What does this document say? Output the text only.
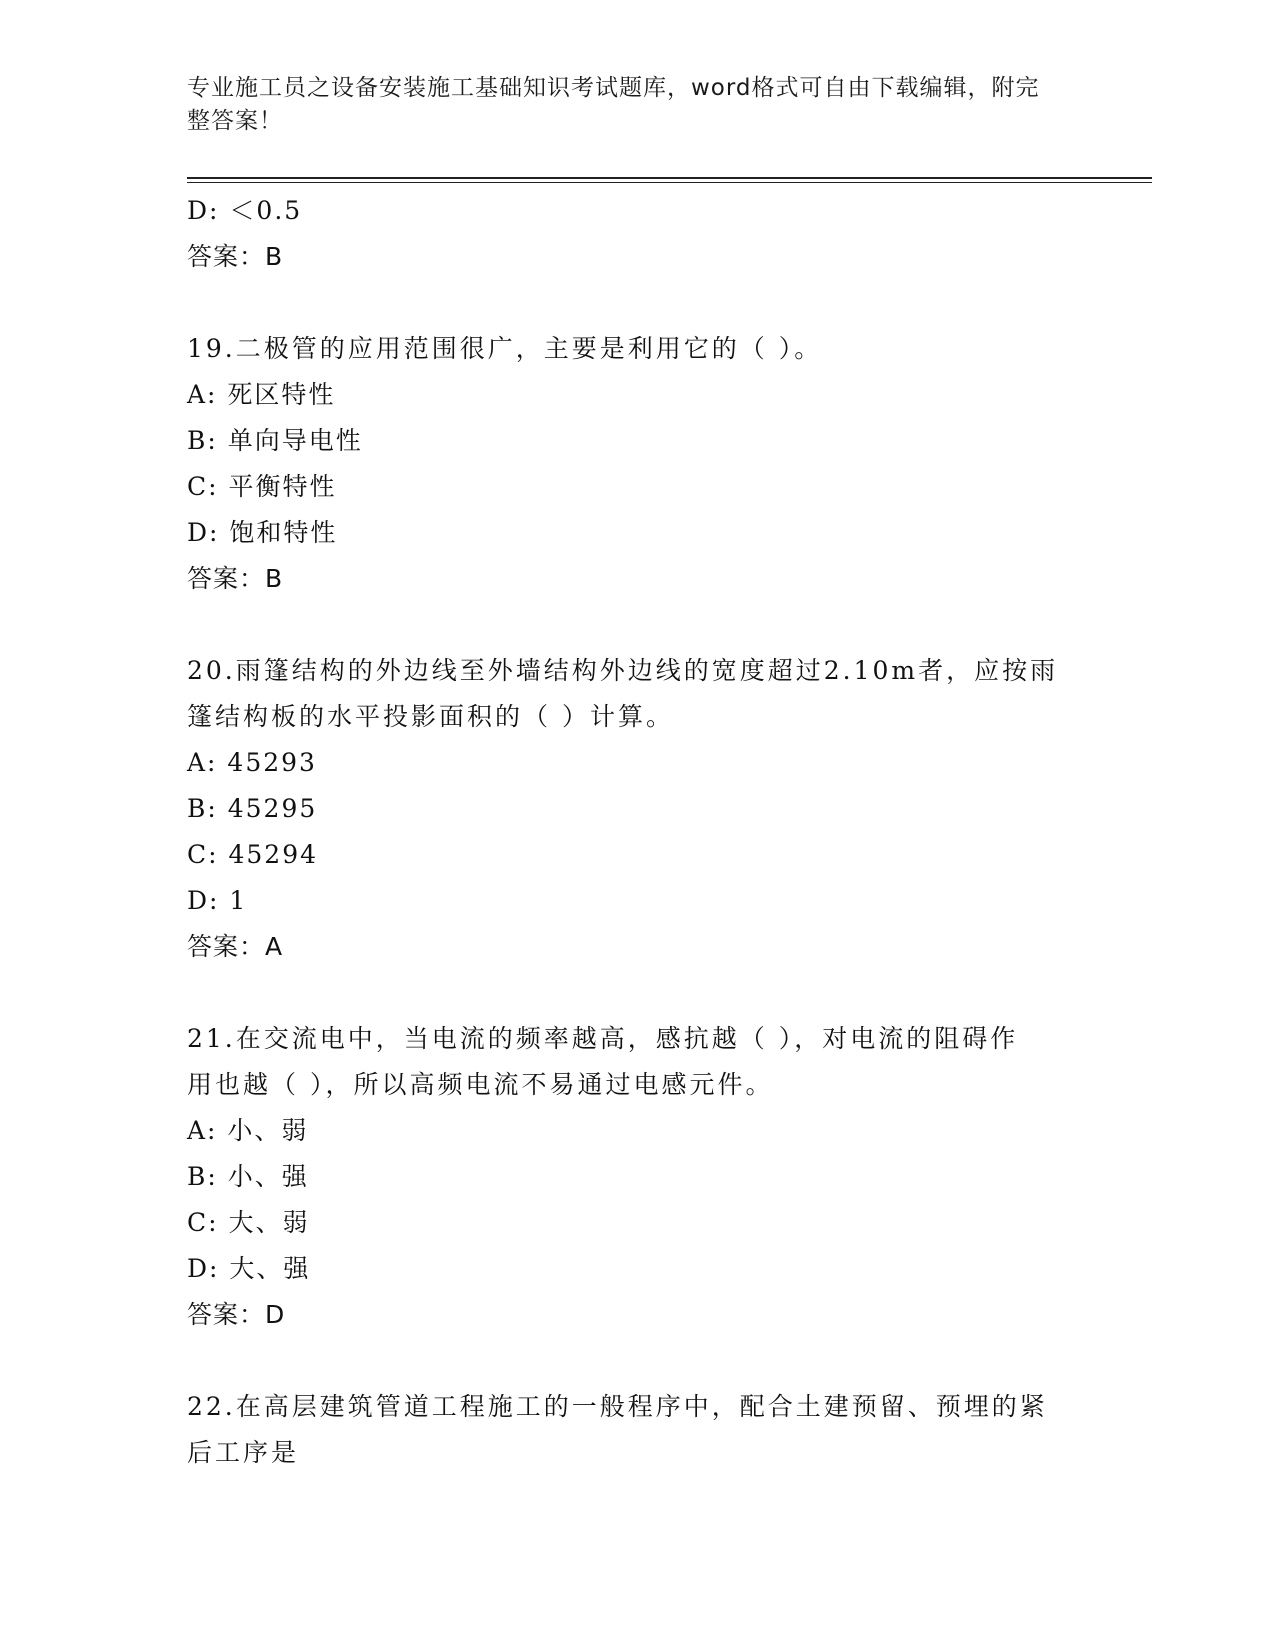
专业施工员之设备安装施工基础知识考试题库，word格式可自由下载编辑，附完
整答案！
D: ＜0.5
答案：B
19.二极管的应用范围很广，主要是利用它的（ ）。
A: 死区特性
B: 单向导电性
C: 平衡特性
D: 饱和特性
答案：B
20.雨篷结构的外边线至外墙结构外边线的宽度超过2.10m者，应按雨
篷结构板的水平投影面积的（ ）计算。
A: 45293
B: 45295
C: 45294
D: 1
答案：A
21.在交流电中，当电流的频率越高，感抗越（ ），对电流的阻碍作
用也越（ ），所以高频电流不易通过电感元件。
A: 小、弱
B: 小、强
C: 大、弱
D: 大、强
答案：D
22.在高层建筑管道工程施工的一般程序中，配合土建预留、预埋的紧
后工序是
